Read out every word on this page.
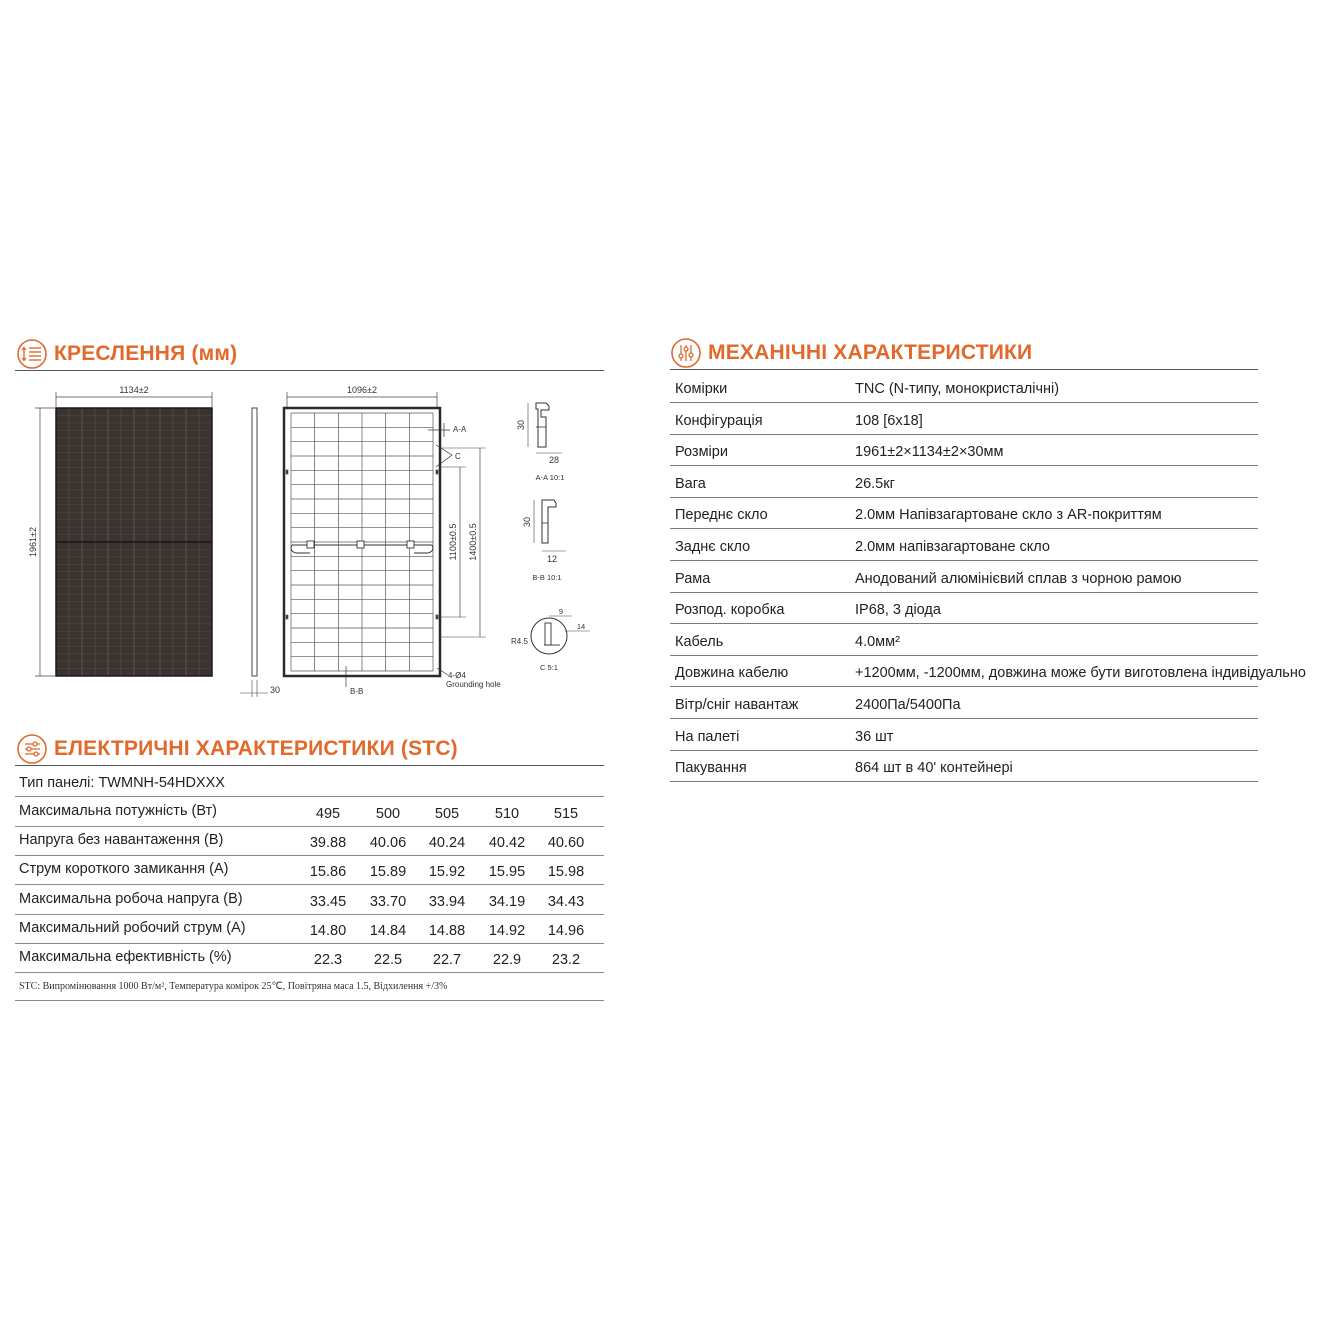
КРЕСЛЕННЯ (мм)
1134±2
1961±2
30
1096±2
A-A
C
B-B
4-Ø4
Grounding hole
1100±0.5 1400±0.5
30
28
A-A 10:1
30
12
B-B 10:1
9
14
R4.5
C 5:1
ЕЛЕКТРИЧНІ ХАРАКТЕРИСТИКИ (STC)
Тип панелі: TWMNH-54HDXXX
Максимальна потужність (Вт)	495	500	505	510	515
Напруга без навантаження (В)	39.88	40.06	40.24	40.42	40.60
Струм короткого замикання (А)	15.86	15.89	15.92	15.95	15.98
Максимальна робоча напруга (В)	33.45	33.70	33.94	34.19	34.43
Максимальний робочий струм (А)	14.80	14.84	14.88	14.92	14.96
Максимальна ефективність (%)	22.3	22.5	22.7	22.9	23.2
STC: Випромінювання 1000 Вт/м², Температура комірок 25℃, Повітряна маса 1.5, Відхилення +/3%
МЕХАНІЧНІ ХАРАКТЕРИСТИКИ
Комірки	TNC (N-типу, монокристалічні)
Конфігурація	108 [6x18]
Розміри	1961±2×1134±2×30мм
Вага	26.5кг
Переднє скло	2.0мм Напівзагартоване скло з AR-покриттям
Заднє скло	2.0мм напівзагартоване скло
Рама	Анодований алюмінієвий сплав з чорною рамою
Розпод. коробка	IP68, 3 діода
Кабель	4.0мм²
Довжина кабелю	+1200мм, -1200мм, довжина може бути виготовлена індивідуально
Вітр/сніг навантаж	2400Па/5400Па
На палеті	36 шт
Пакування	864 шт в 40' контейнері
